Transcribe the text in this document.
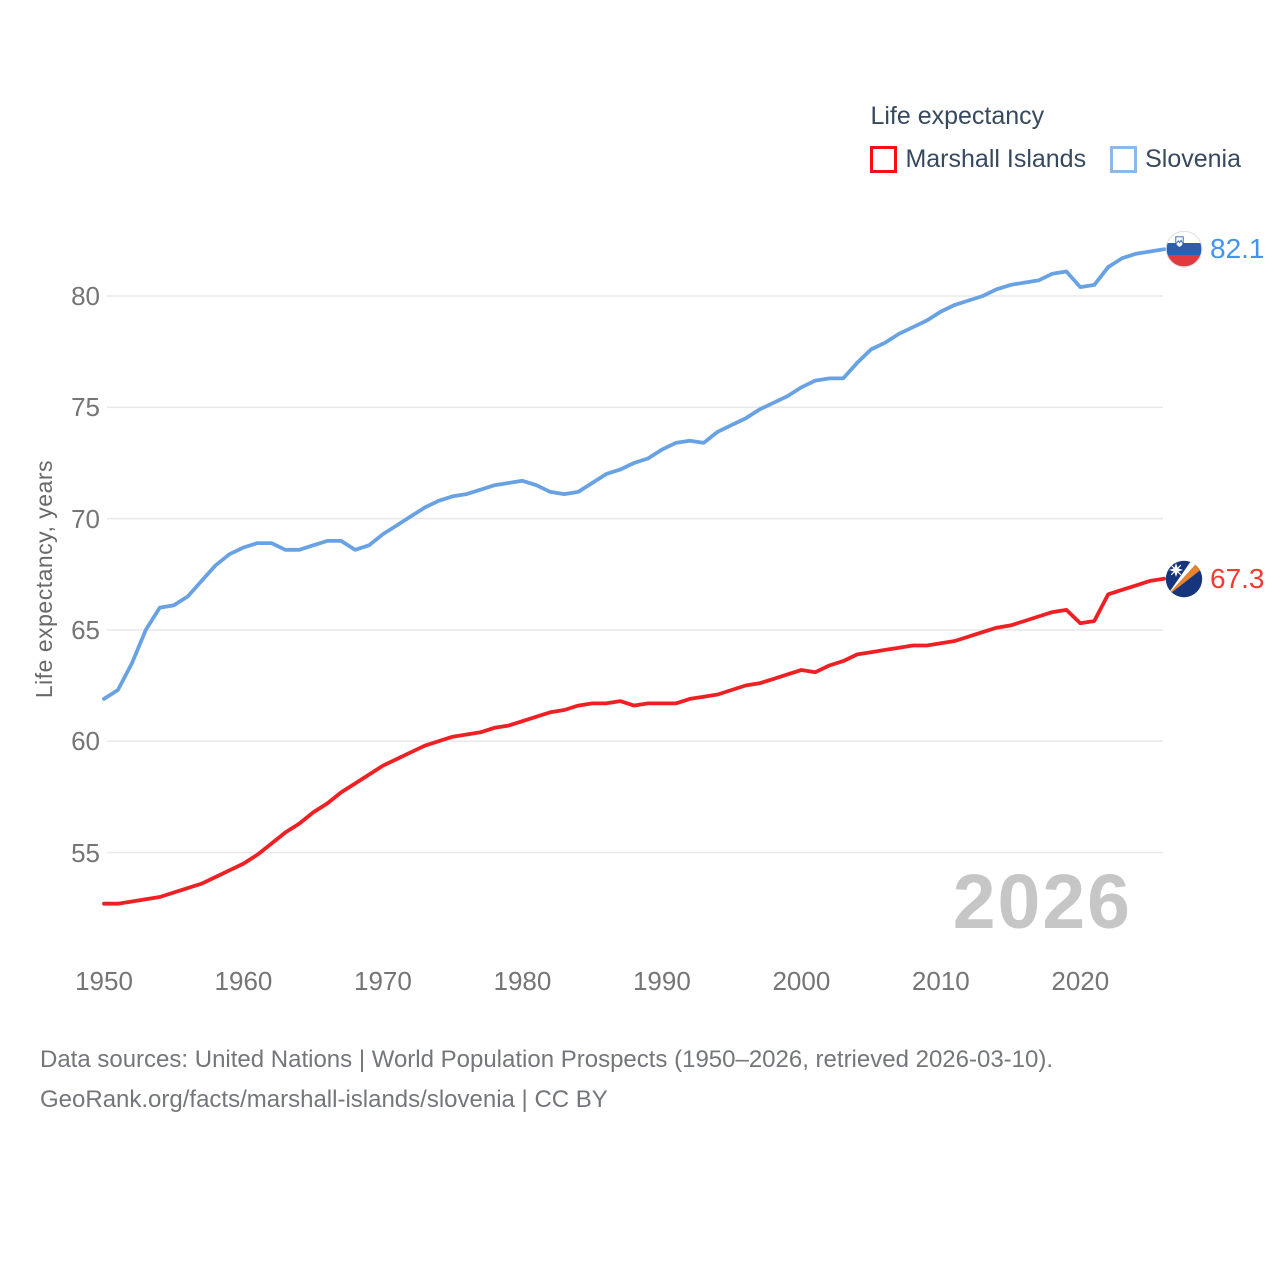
55
60
65
70
75
80
1950	1960	1970	1980	1990	2000	2010	2020
Life expectancy, years
Life expectancy
Marshall Islands Slovenia
82.1
67.3
2026
Data sources: United Nations | World Population Prospects (1950–2026, retrieved 2026-03-10).
GeoRank.org/facts/marshall-islands/slovenia | CC BY
